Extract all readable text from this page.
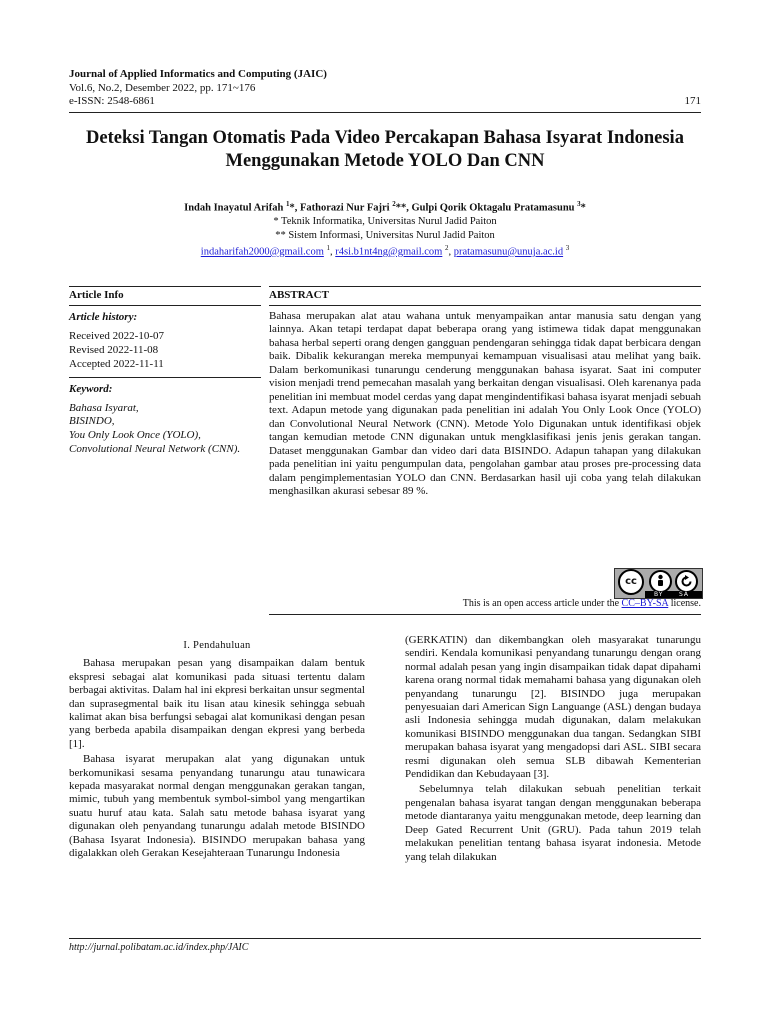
Journal of Applied Informatics and Computing (JAIC)
Vol.6, No.2, Desember 2022, pp. 171~176
e-ISSN: 2548-6861	171
Deteksi Tangan Otomatis Pada Video Percakapan Bahasa Isyarat Indonesia Menggunakan Metode YOLO Dan CNN
Indah Inayatul Arifah $^1$*, Fathorazi Nur Fajri $^2$**, Gulpi Qorik Oktagalu Pratamasunu $^3$*
* Teknik Informatika, Universitas Nurul Jadid Paiton
** Sistem Informasi, Universitas Nurul Jadid Paiton
indaharifah2000@gmail.com $^1$, r4si.b1nt4ng@gmail.com $^2$, pratamasunu@unuja.ac.id $^3$
Article Info
Article history:
Received 2022-10-07
Revised 2022-11-08
Accepted 2022-11-11
Keyword:
Bahasa Isyarat,
BISINDO,
You Only Look Once (YOLO),
Convolutional Neural Network (CNN).
ABSTRACT
Bahasa merupakan alat atau wahana untuk menyampaikan antar manusia satu dengan yang lainnya. Akan tetapi terdapat dapat beberapa orang yang istimewa tidak dapat menggunakan bahasa herbal seperti orang dengen gangguan pendengaran sehingga tidak dapat berbicara dengan baik. Dibalik kekurangan mereka mempunyai kemampuan visualisasi atau melihat yang baik. Dalam berkomunikasi tunarungu cenderung menggunakan bahasa isyarat. Saat ini computer vision menjadi trend pemecahan masalah yang berkaitan dengan visualisasi. Oleh karenanya pada penelitian ini membuat model cerdas yang dapat mengindentifikasi bahasa isyarat menjadi sebuah text. Adapun metode yang digunakan pada penelitian ini adalah You Only Look Once (YOLO) dan Convolutional Neural Network (CNN). Metode Yolo Digunakan untuk identifikasi objek tangan kemudian metode CNN digunakan untuk mengklasifikasi jenis jenis gerakan tangan. Dataset menggunakan Gambar dan video dari data BISINDO. Adapun tahapan yang dilakukan pada penelitian ini yaitu pengumpulan data, pengolahan gambar atau proses pre-processing data dalam pengimplementasian YOLO dan CNN. Berdasarkan hasil uji coba yang telah dilakukan menghasilkan akurasi sebesar 89 %.
cc
BY	SA
This is an open access article under the CC–BY-SA license.
I. Pendahuluan

Bahasa merupakan pesan yang disampaikan dalam bentuk ekspresi sebagai alat komunikasi pada situasi tertentu dalam berbagai aktivitas. Dalam hal ini ekpresi berkaitan unsur segmental dan suprasegmental baik itu lisan atau kinesik sehingga sebuah kalimat akan bisa berfungsi sebagai alat komunikasi dengan pesan yang berbeda apabila disampaikan dengan ekpresi yang berbeda [1].

Bahasa isyarat merupakan alat yang digunakan untuk berkomunikasi sesama penyandang tunarungu atau tunawicara kepada masyarakat normal dengan menggunakan gerakan tangan, mimic, tubuh yang membentuk symbol-simbol yang mengartikan suatu huruf atau kata. Salah satu metode bahasa isyarat yang digunakan oleh penyandang tunarungu adalah metode BISINDO (Bahasa Isyarat Indonesia). BISINDO merupakan bahasa yang digalakkan oleh Gerakan Kesejahteraan Tunarungu Indonesia

(GERKATIN) dan dikembangkan oleh masyarakat tunarungu sendiri. Kendala komunikasi penyandang tunarungu dengan orang normal adalah pesan yang ingin disampaikan tidak dapat dipahami karena orang normal tidak memahami bahasa yang digunakan oleh penyandang tunarungu [2]. BISINDO juga merupakan penyesuaian dari American Sign Languange (ASL) dengan budaya asli Indonesia sehingga mudah digunakan, dalam melakukan komunikasi BISINDO menggunakan dua tangan. Sedangkan SIBI merupakan bahasa isyarat yang mengadopsi dari ASL. SIBI secara resmi digunakan oleh semua SLB dibawah Kementerian Pendidikan dan Kebudayaan [3].

Sebelumnya telah dilakukan sebuah penelitian terkait pengenalan bahasa isyarat tangan dengan menggunakan beberapa metode diantaranya yaitu menggunakan metode, deep learning dan Deep Gated Recurrent Unit (GRU). Pada tahun 2019 telah melakukan penelitian tentang bahasa isyarat indonesia. Metode yang telah dilakukan

http://jurnal.polibatam.ac.id/index.php/JAIC
